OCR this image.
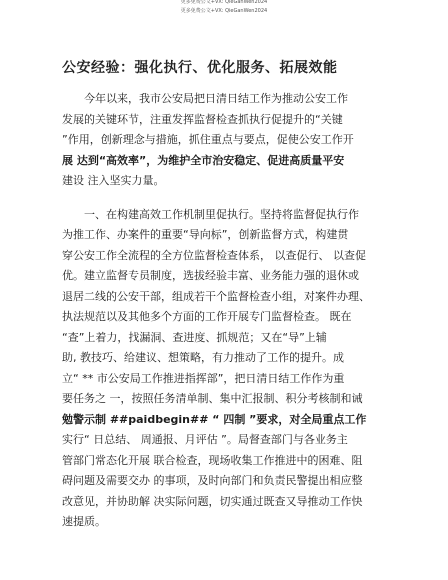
更多免费公文+VX: QieGanWen2024
更多免费公文+VX: QieGanWen2024
公安经验：强化执行、优化服务、拓展效能
今年以来，我市公安局把日清日结工作为推动公安工作
发展的关键环节，注重发挥监督检查抓执行促提升的“关键
”作用，创新理念与措施，抓住重点与要点，促使公安工作开
展 达到“高效率”，为维护全市治安稳定、促进高质量平安
建设 注入坚实力量。
一、在构建高效工作机制里促执行。坚持将监督促执行作
为推工作、办案件的重要“导向标”，创新监督方式，构建贯
穿公安工作全流程的全方位监督检查体系， 以查促行、 以查促
优。建立监督专员制度，选拔经验丰富、业务能力强的退休或
退居二线的公安干部，组成若干个监督检查小组，对案件办理、
执法规范以及其他多个方面的工作开展专门监督检查。 既在
“查”上着力，找漏洞、查进度、抓规范；又在“导”上辅
助, 教技巧、给建议、想策略，有力推动了工作的提升。成
立“ ** 市公安局工作推进指挥部”，把日清日结工作作为重
要任务之 一，按照任务清单制、集中汇报制、积分考核制和诫
勉警示制 ##paidbegin## “ 四制 ”要求，对全局重点工作
实行“ 日总结、 周通报、月评估 ”。局督查部门与各业务主
管部门常态化开展 联合检查，现场收集工作推进中的困难、阻
碍问题及需要交办 的事项，及时向部门和负责民警提出相应整
改意见，并协助解 决实际问题，切实通过既查又导推动工作快
速提质。
